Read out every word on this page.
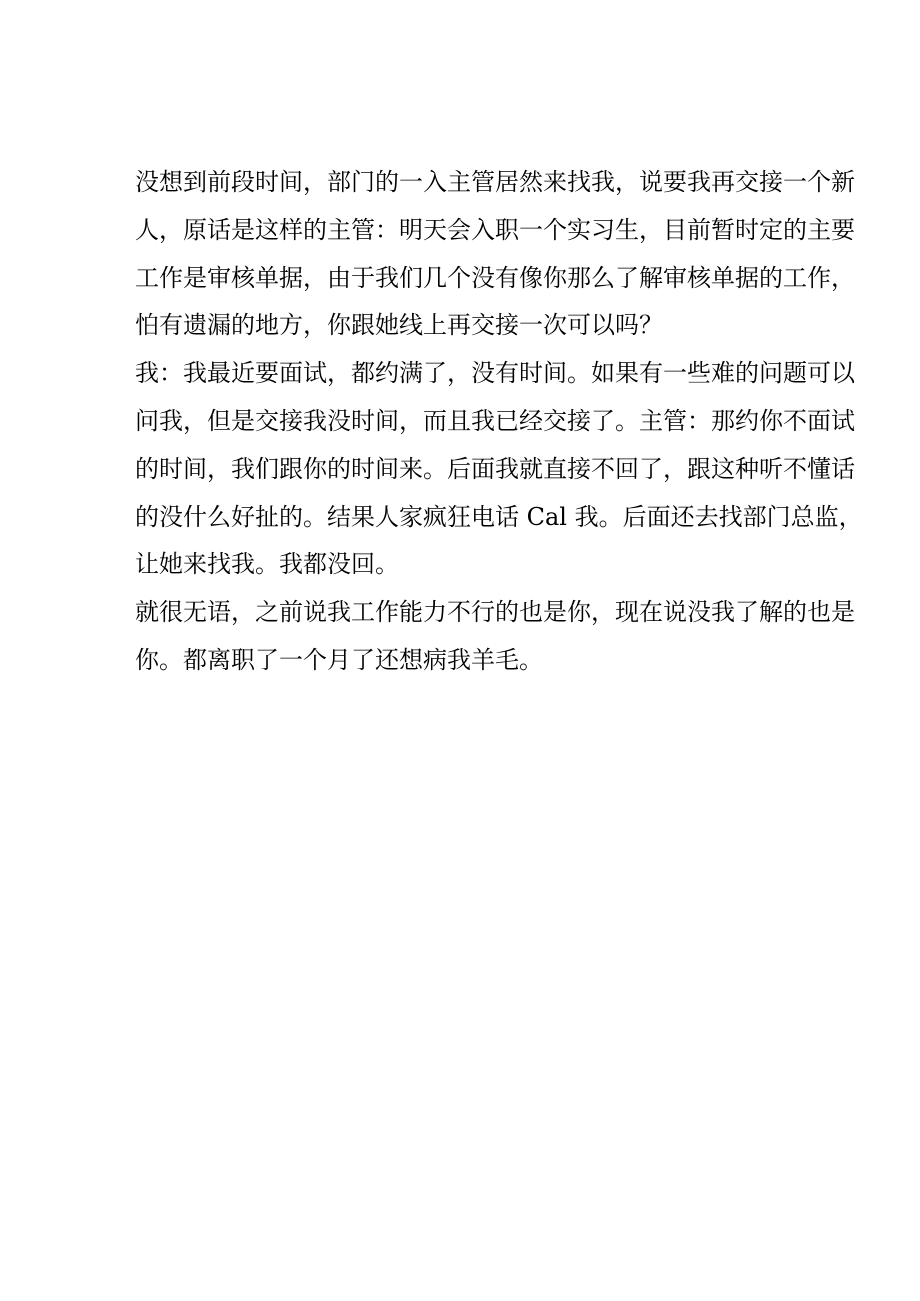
没想到前段时间，部门的一入主管居然来找我，说要我再交接一个新
人，原话是这样的主管：明天会入职一个实习生，目前暂时定的主要
工作是审核单据，由于我们几个没有像你那么了解审核单据的工作，
怕有遗漏的地方，你跟她线上再交接一次可以吗？
我：我最近要面试，都约满了，没有时间。如果有一些难的问题可以
问我，但是交接我没时间，而且我已经交接了。主管：那约你不面试
的时间，我们跟你的时间来。后面我就直接不回了，跟这种听不懂话
的没什么好扯的。结果人家疯狂电话 Cal 我。后面还去找部门总监，
让她来找我。我都没回。
就很无语，之前说我工作能力不行的也是你，现在说没我了解的也是
你。都离职了一个月了还想病我羊毛。
